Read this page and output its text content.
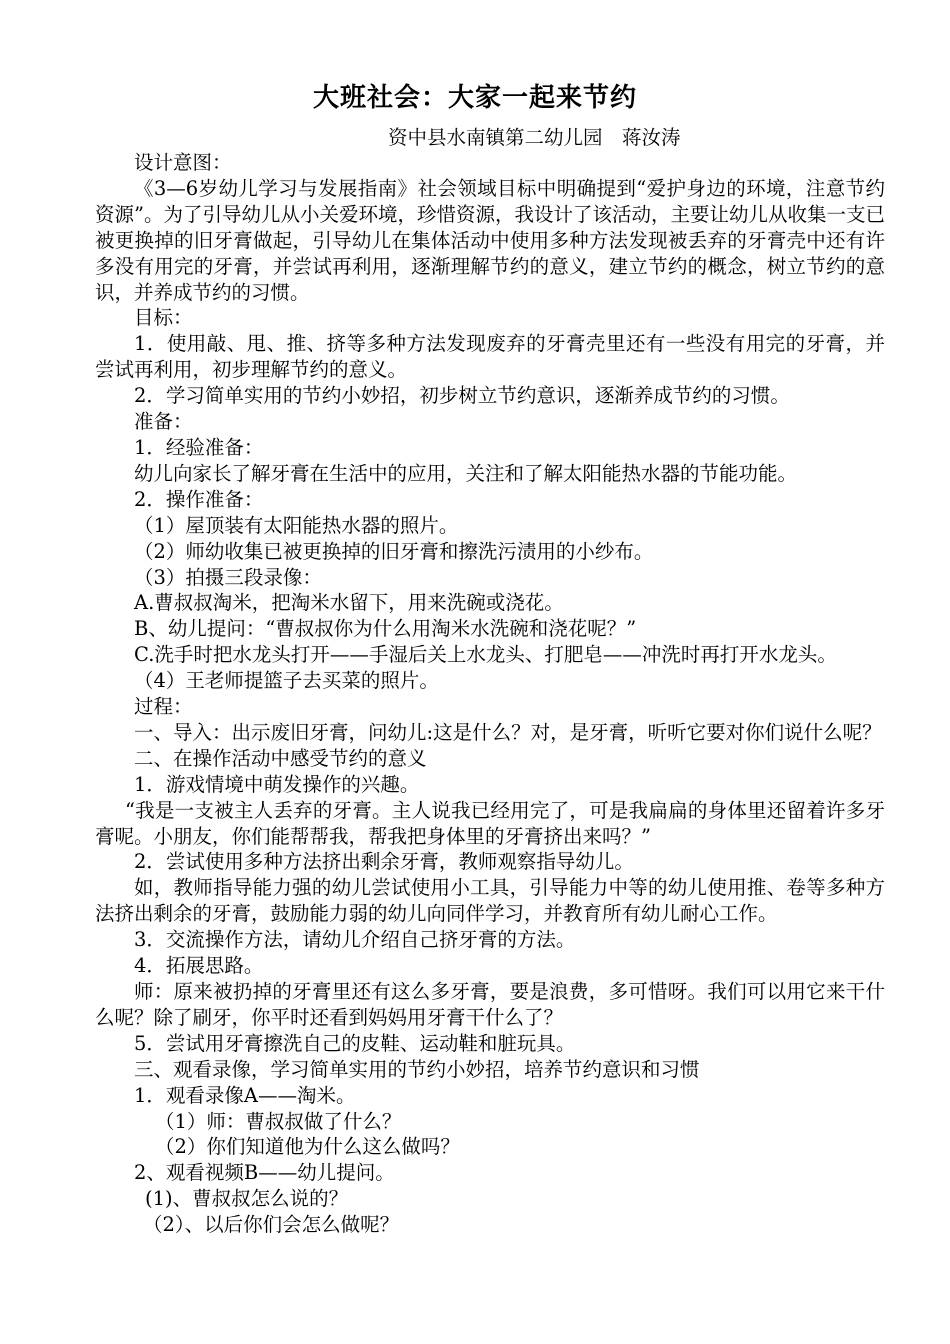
大班社会：大家一起来节约
资中县水南镇第二幼儿园　蒋汝涛

设计意图：

《3—6岁幼儿学习与发展指南》社会领域目标中明确提到“爱护身边的环境，注意节约资源”。为了引导幼儿从小关爱环境，珍惜资源，我设计了该活动，主要让幼儿从收集一支已被更换掉的旧牙膏做起，引导幼儿在集体活动中使用多种方法发现被丢弃的牙膏壳中还有许多没有用完的牙膏，并尝试再利用，逐渐理解节约的意义，建立节约的概念，树立节约的意识，并养成节约的习惯。

目标：

1．使用敲、甩、推、挤等多种方法发现废弃的牙膏壳里还有一些没有用完的牙膏，并尝试再利用，初步理解节约的意义。

2．学习简单实用的节约小妙招，初步树立节约意识，逐渐养成节约的习惯。

准备：

1．经验准备：

幼儿向家长了解牙膏在生活中的应用，关注和了解太阳能热水器的节能功能。

2．操作准备：

（1）屋顶装有太阳能热水器的照片。

（2）师幼收集已被更换掉的旧牙膏和擦洗污渍用的小纱布。

（3）拍摄三段录像：

A.曹叔叔淘米，把淘米水留下，用来洗碗或浇花。

B、幼儿提问：“曹叔叔你为什么用淘米水洗碗和浇花呢？”

C.洗手时把水龙头打开——手湿后关上水龙头、打肥皂——冲洗时再打开水龙头。

（4）王老师提篮子去买菜的照片。

过程：

一、导入：出示废旧牙膏，问幼儿:这是什么？对，是牙膏，听听它要对你们说什么呢？

二、在操作活动中感受节约的意义

1．游戏情境中萌发操作的兴趣。

“我是一支被主人丢弃的牙膏。主人说我已经用完了，可是我扁扁的身体里还留着许多牙膏呢。小朋友，你们能帮帮我，帮我把身体里的牙膏挤出来吗？”

2．尝试使用多种方法挤出剩余牙膏，教师观察指导幼儿。

如，教师指导能力强的幼儿尝试使用小工具，引导能力中等的幼儿使用推、卷等多种方法挤出剩余的牙膏，鼓励能力弱的幼儿向同伴学习，并教育所有幼儿耐心工作。

3．交流操作方法，请幼儿介绍自己挤牙膏的方法。

4．拓展思路。

师：原来被扔掉的牙膏里还有这么多牙膏，要是浪费，多可惜呀。我们可以用它来干什么呢？除了刷牙，你平时还看到妈妈用牙膏干什么了？

5．尝试用牙膏擦洗自己的皮鞋、运动鞋和脏玩具。

三、观看录像，学习简单实用的节约小妙招，培养节约意识和习惯

1．观看录像A——淘米。

（1）师：曹叔叔做了什么？

（2）你们知道他为什么这么做吗？

2、观看视频B——幼儿提问。

(1)、曹叔叔怎么说的？

（2）、以后你们会怎么做呢？
